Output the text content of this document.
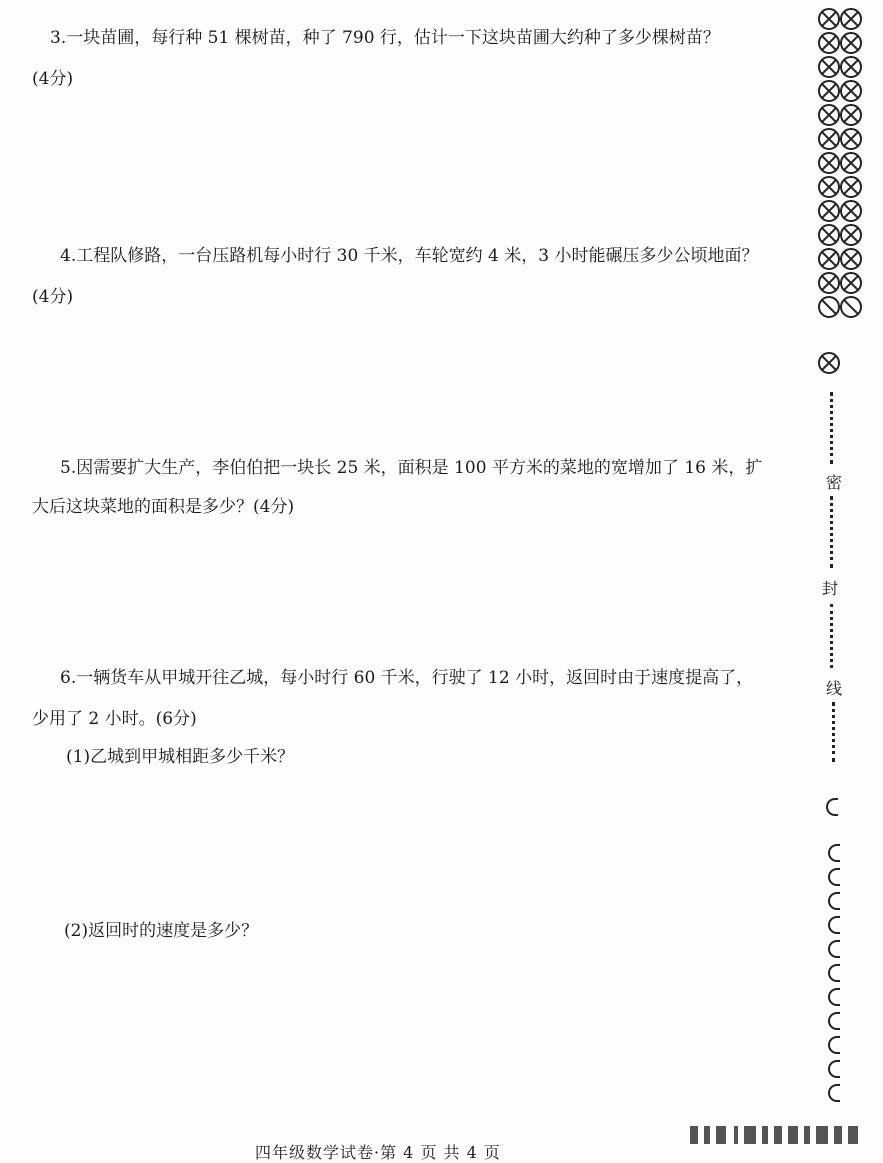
3.一块苗圃，每行种 51 棵树苗，种了 790 行，估计一下这块苗圃大约种了多少棵树苗？
(4分)
4.工程队修路，一台压路机每小时行 30 千米，车轮宽约 4 米，3 小时能碾压多少公顷地面？
(4分)
5.因需要扩大生产，李伯伯把一块长 25 米，面积是 100 平方米的菜地的宽增加了 16 米，扩
大后这块菜地的面积是多少？(4分)
6.一辆货车从甲城开往乙城，每小时行 60 千米，行驶了 12 小时，返回时由于速度提高了，
少用了 2 小时。(6分)
(1)乙城到甲城相距多少千米？
(2)返回时的速度是多少？
密
封
线
四年级数学试卷·第 4 页 共 4 页
